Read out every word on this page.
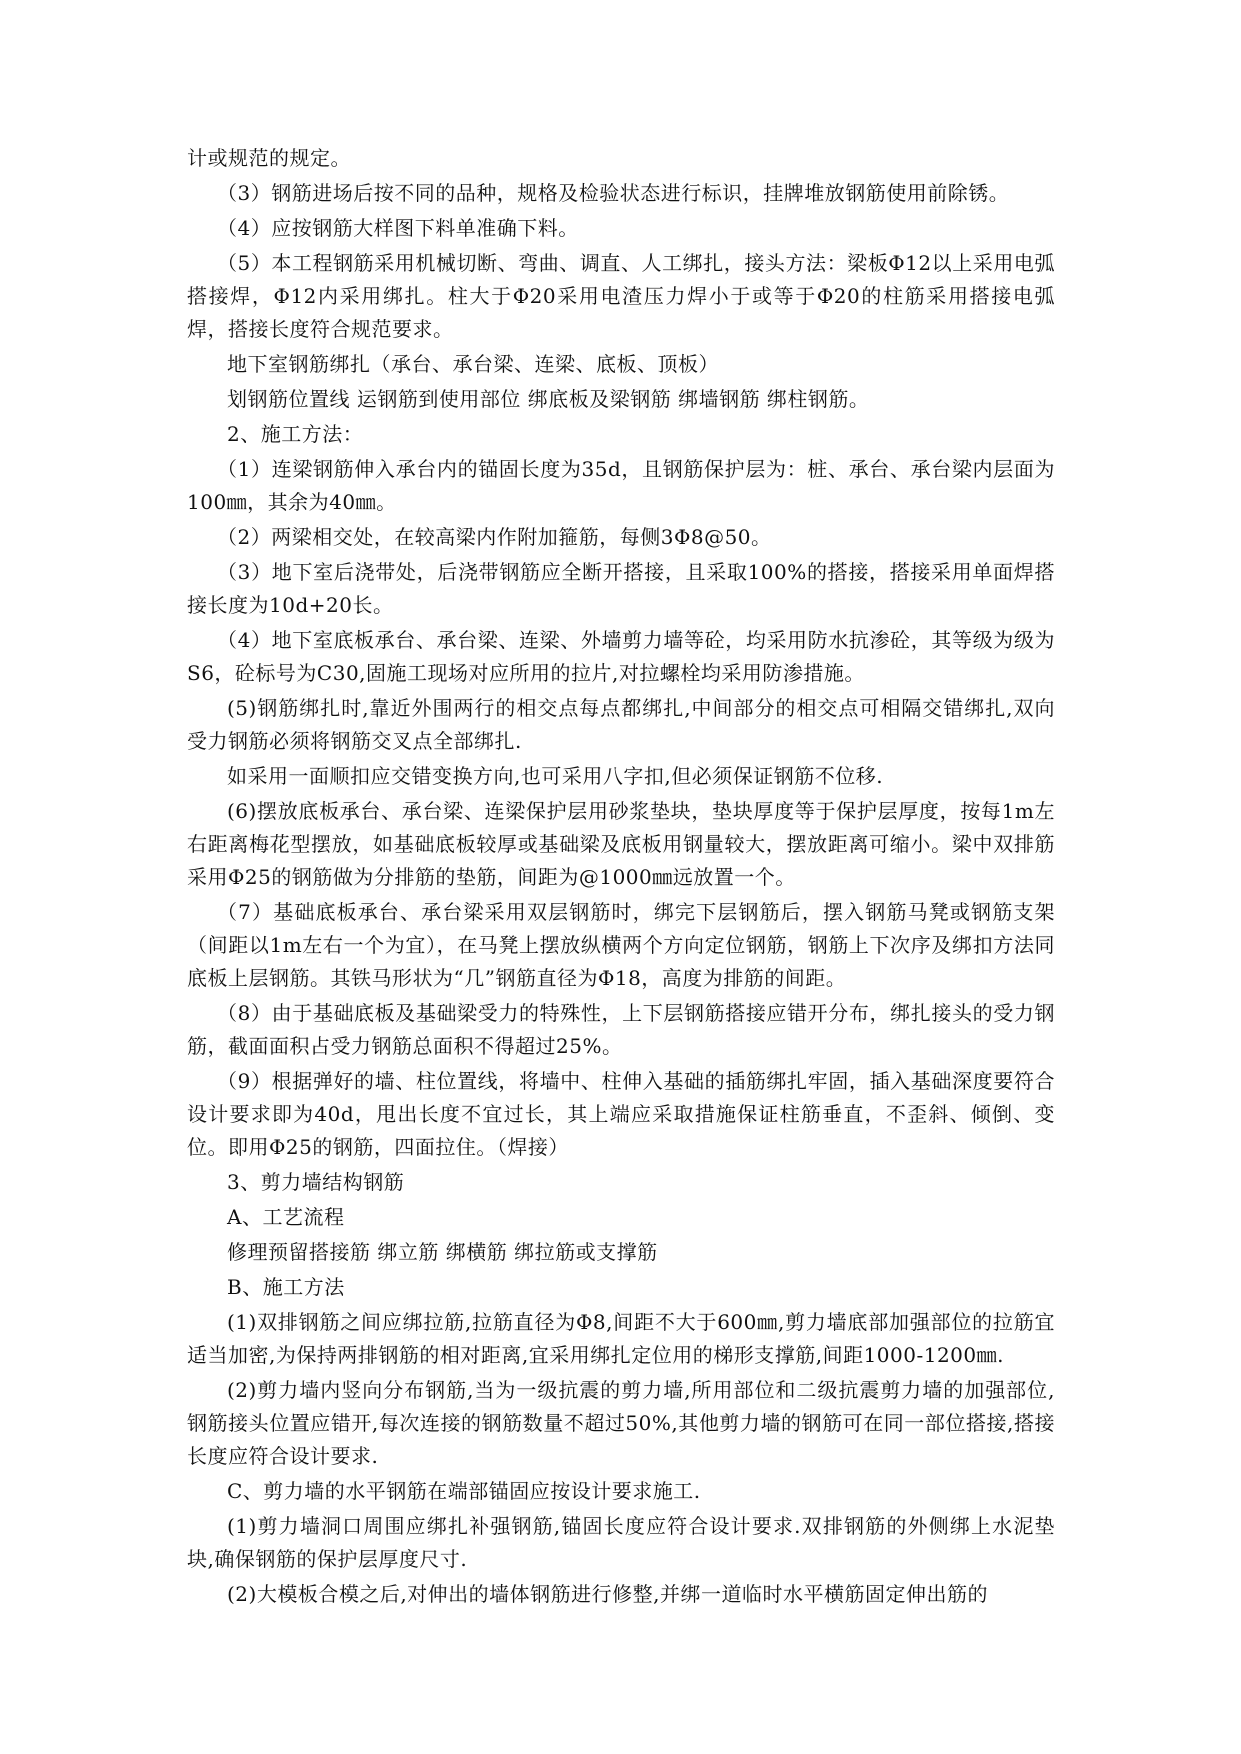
计或规范的规定。

（3）钢筋进场后按不同的品种，规格及检验状态进行标识，挂牌堆放钢筋使用前除锈。

（4）应按钢筋大样图下料单准确下料。

（5）本工程钢筋采用机械切断、弯曲、调直、人工绑扎，接头方法：梁板Φ12以上采用电弧搭接焊，Φ12内采用绑扎。柱大于Φ20采用电渣压力焊小于或等于Φ20的柱筋采用搭接电弧焊，搭接长度符合规范要求。

地下室钢筋绑扎（承台、承台梁、连梁、底板、顶板）

划钢筋位置线 运钢筋到使用部位 绑底板及梁钢筋 绑墙钢筋 绑柱钢筋。

2、施工方法：

（1）连梁钢筋伸入承台内的锚固长度为35d，且钢筋保护层为：桩、承台、承台梁内层面为100㎜，其余为40㎜。

（2）两梁相交处，在较高梁内作附加箍筋，每侧3Φ8@50。

（3）地下室后浇带处，后浇带钢筋应全断开搭接，且采取100%的搭接，搭接采用单面焊搭接长度为10d+20长。

（4）地下室底板承台、承台梁、连梁、外墙剪力墙等砼，均采用防水抗渗砼，其等级为级为S6，砼标号为C30,固施工现场对应所用的拉片,对拉螺栓均采用防渗措施。

(5)钢筋绑扎时,靠近外围两行的相交点每点都绑扎,中间部分的相交点可相隔交错绑扎,双向受力钢筋必须将钢筋交叉点全部绑扎.

如采用一面顺扣应交错变换方向,也可采用八字扣,但必须保证钢筋不位移.

(6)摆放底板承台、承台梁、连梁保护层用砂浆垫块，垫块厚度等于保护层厚度，按每1m左右距离梅花型摆放，如基础底板较厚或基础梁及底板用钢量较大，摆放距离可缩小。梁中双排筋采用Φ25的钢筋做为分排筋的垫筋，间距为@1000㎜远放置一个。

（7）基础底板承台、承台梁采用双层钢筋时，绑完下层钢筋后，摆入钢筋马凳或钢筋支架（间距以1m左右一个为宜），在马凳上摆放纵横两个方向定位钢筋，钢筋上下次序及绑扣方法同底板上层钢筋。其铁马形状为“几”钢筋直径为Φ18，高度为排筋的间距。

（8）由于基础底板及基础梁受力的特殊性，上下层钢筋搭接应错开分布，绑扎接头的受力钢筋，截面面积占受力钢筋总面积不得超过25%。

（9）根据弹好的墙、柱位置线，将墙中、柱伸入基础的插筋绑扎牢固，插入基础深度要符合设计要求即为40d，甩出长度不宜过长，其上端应采取措施保证柱筋垂直，不歪斜、倾倒、变位。即用Φ25的钢筋，四面拉住。（焊接）

3、剪力墙结构钢筋

A、工艺流程

修理预留搭接筋 绑立筋 绑横筋 绑拉筋或支撑筋

B、施工方法

(1)双排钢筋之间应绑拉筋,拉筋直径为Φ8,间距不大于600㎜,剪力墙底部加强部位的拉筋宜适当加密,为保持两排钢筋的相对距离,宜采用绑扎定位用的梯形支撑筋,间距1000-1200㎜.

(2)剪力墙内竖向分布钢筋,当为一级抗震的剪力墙,所用部位和二级抗震剪力墙的加强部位,钢筋接头位置应错开,每次连接的钢筋数量不超过50%,其他剪力墙的钢筋可在同一部位搭接,搭接长度应符合设计要求.

C、剪力墙的水平钢筋在端部锚固应按设计要求施工.

(1)剪力墙洞口周围应绑扎补强钢筋,锚固长度应符合设计要求.双排钢筋的外侧绑上水泥垫块,确保钢筋的保护层厚度尺寸.

(2)大模板合模之后,对伸出的墙体钢筋进行修整,并绑一道临时水平横筋固定伸出筋的
